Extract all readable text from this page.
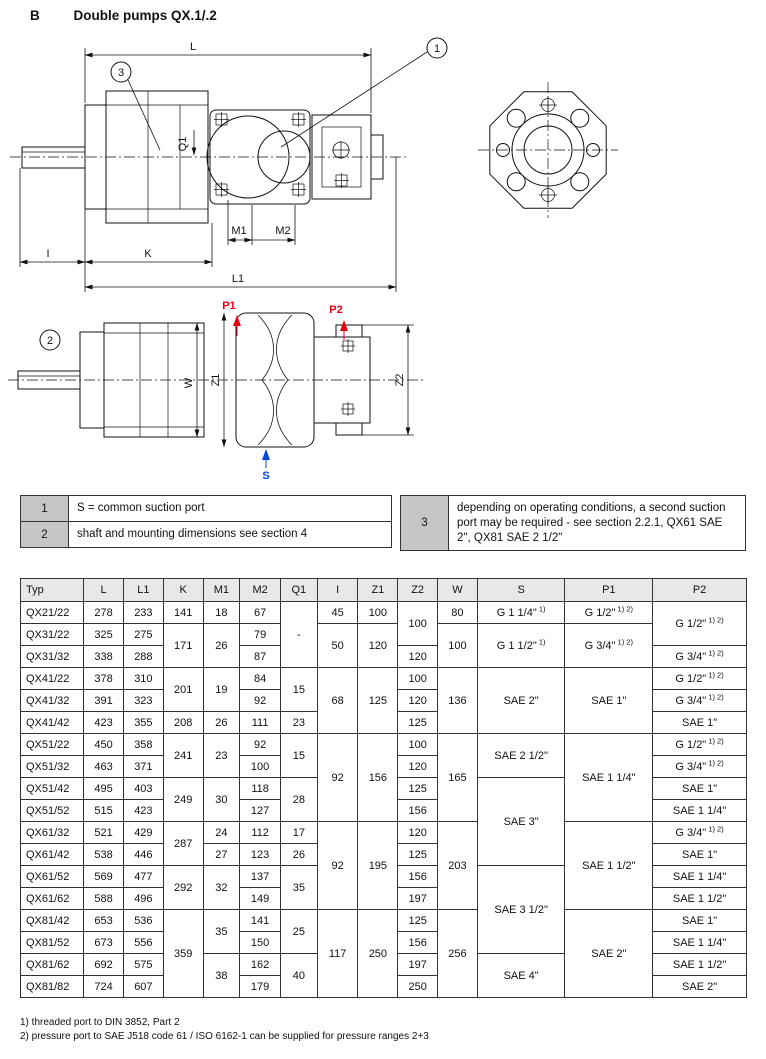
B	Double pumps QX.1/.2
L
Q1
M1	M2
I	K
L1
1
3
W Z1	Z2
2
P1	P2
S
1	S = common suction port
2	shaft and mounting dimensions see section 4
3
depending on operating conditions, a second suction port may be required - see section 2.2.1, QX61 SAE 2", QX81 SAE 2 1/2"
Typ	L	L1	K	M1	M2	Q1	I	Z1	Z2	W	S	P1	P2
QX21/22	278	233	141	18	67	-	45	100	100	80	G 1 1/4" $^{1)}$	G 1/2" $^{1) 2)}$	G 1/2" $^{1) 2)}$
QX31/22	325	275	171	26	79		50	120		100	G 1 1/2" $^{1)}$	G 3/4" $^{1) 2)}$
QX31/32	338	288			87				120				G 3/4" $^{1) 2)}$
QX41/22	378	310	201	19	84	15	68	125	100	136	SAE 2"	SAE 1"	G 1/2" $^{1) 2)}$
QX41/32	391	323			92				120				G 3/4" $^{1) 2)}$
QX41/42	423	355	208	26	111	23			125				SAE 1"
QX51/22	450	358	241	23	92	15	92	156	100	165	SAE 2 1/2"	SAE 1 1/4"	G 1/2" $^{1) 2)}$
QX51/32	463	371			100				120				G 3/4" $^{1) 2)}$
QX51/42	495	403	249	30	118	28			125		SAE 3"		SAE 1"
QX51/52	515	423			127				156				SAE 1 1/4"
QX61/32	521	429	287	24	112	17	92	195	120	203		SAE 1 1/2"	G 3/4" $^{1) 2)}$
QX61/42	538	446		27	123	26			125				SAE 1"
QX61/52	569	477	292	32	137	35			156		SAE 3 1/2"		SAE 1 1/4"
QX61/62	588	496			149				197				SAE 1 1/2"
QX81/42	653	536	359	35	141	25	117	250	125	256		SAE 2"	SAE 1"
QX81/52	673	556			150				156				SAE 1 1/4"
QX81/62	692	575		38	162	40			197		SAE 4"		SAE 1 1/2"
QX81/82	724	607			179				250				SAE 2"
1) threaded port to DIN 3852, Part 2
2) pressure port to SAE J518 code 61 / ISO 6162-1 can be supplied for pressure ranges 2+3
